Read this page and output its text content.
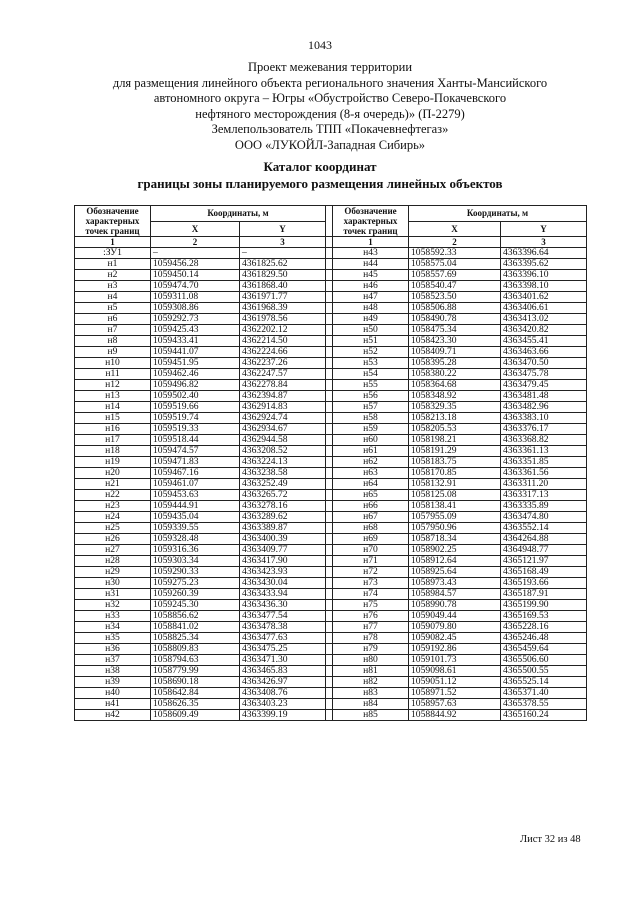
1043
Проект межевания территории
для размещения линейного объекта регионального значения Ханты-Мансийского
автономного округа – Югры «Обустройство Северо-Покачевского
нефтяного месторождения (8-я очередь)» (П-2279)
Землепользователь ТПП «Покачевнефтегаз»
ООО «ЛУКОЙЛ-Западная Сибирь»
Каталог координат
границы зоны планируемого размещения линейных объектов
Обозначение характерных точек границ	Координаты, м			Обозначение характерных точек границ	Координаты, м	
	X	Y			X	Y
1	2	3		1	2	3
:ЗУ1	–	–		н43	1058592.33	4363396.64
н1	1059456.28	4361825.62		н44	1058575.04	4363395.62
н2	1059450.14	4361829.50		н45	1058557.69	4363396.10
н3	1059474.70	4361868.40		н46	1058540.47	4363398.10
н4	1059311.08	4361971.77		н47	1058523.50	4363401.62
н5	1059308.86	4361968.39		н48	1058506.88	4363406.61
н6	1059292.73	4361978.56		н49	1058490.78	4363413.02
н7	1059425.43	4362202.12		н50	1058475.34	4363420.82
н8	1059433.41	4362214.50		н51	1058423.30	4363455.41
н9	1059441.07	4362224.66		н52	1058409.71	4363463.66
н10	1059451.95	4362237.26		н53	1058395.28	4363470.50
н11	1059462.46	4362247.57		н54	1058380.22	4363475.78
н12	1059496.82	4362278.84		н55	1058364.68	4363479.45
н13	1059502.40	4362394.87		н56	1058348.92	4363481.48
н14	1059519.66	4362914.83		н57	1058329.35	4363482.96
н15	1059519.74	4362924.74		н58	1058213.18	4363383.10
н16	1059519.33	4362934.67		н59	1058205.53	4363376.17
н17	1059518.44	4362944.58		н60	1058198.21	4363368.82
н18	1059474.57	4363208.52		н61	1058191.29	4363361.13
н19	1059471.83	4363224.13		н62	1058183.75	4363351.85
н20	1059467.16	4363238.58		н63	1058170.85	4363361.56
н21	1059461.07	4363252.49		н64	1058132.91	4363311.20
н22	1059453.63	4363265.72		н65	1058125.08	4363317.13
н23	1059444.91	4363278.16		н66	1058138.41	4363335.89
н24	1059435.04	4363289.62		н67	1057955.09	4363474.80
н25	1059339.55	4363389.87		н68	1057950.96	4363552.14
н26	1059328.48	4363400.39		н69	1058718.34	4364264.88
н27	1059316.36	4363409.77		н70	1058902.25	4364948.77
н28	1059303.34	4363417.90		н71	1058912.64	4365121.97
н29	1059290.33	4363423.93		н72	1058925.64	4365168.49
н30	1059275.23	4363430.04		н73	1058973.43	4365193.66
н31	1059260.39	4363433.94		н74	1058984.57	4365187.91
н32	1059245.30	4363436.30		н75	1058990.78	4365199.90
н33	1058856.62	4363477.54		н76	1059049.44	4365169.53
н34	1058841.02	4363478.38		н77	1059079.80	4365228.16
н35	1058825.34	4363477.63		н78	1059082.45	4365246.48
н36	1058809.83	4363475.25		н79	1059192.86	4365459.64
н37	1058794.63	4363471.30		н80	1059101.73	4365506.60
н38	1058779.99	4363465.83		н81	1059098.61	4365500.55
н39	1058690.18	4363426.97		н82	1059051.12	4365525.14
н40	1058642.84	4363408.76		н83	1058971.52	4365371.40
н41	1058626.35	4363403.23		н84	1058957.63	4365378.55
н42	1058609.49	4363399.19		н85	1058844.92	4365160.24
Лист 32 из 48
